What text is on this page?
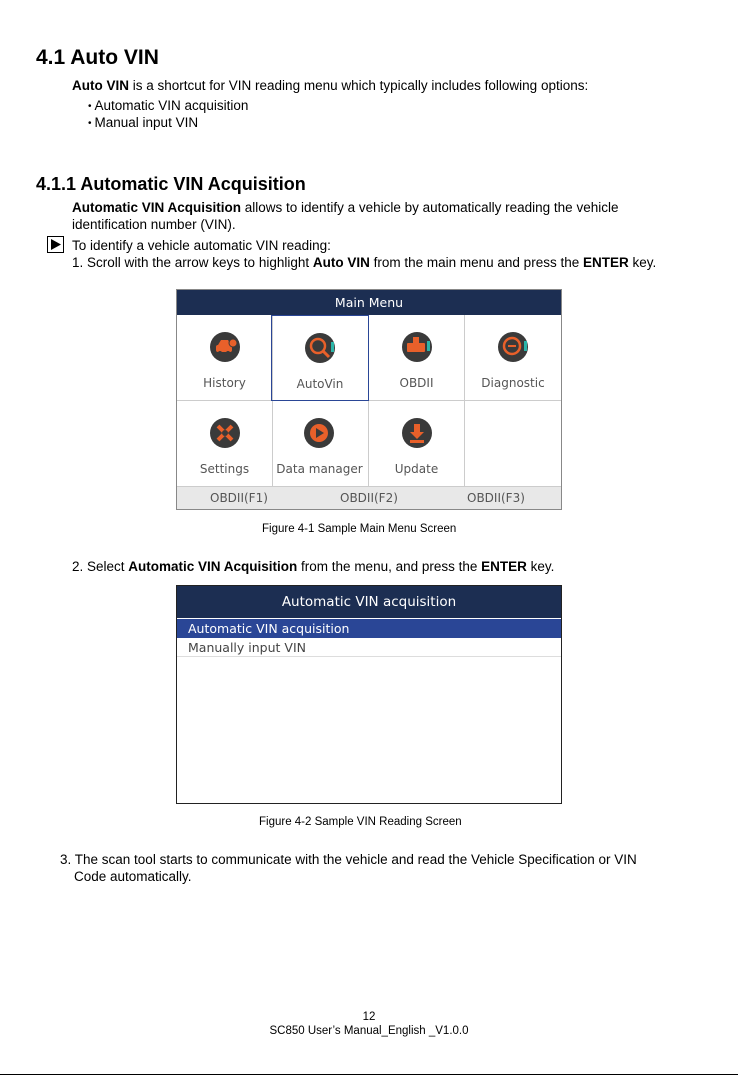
4.1 Auto VIN
Auto VIN is a shortcut for VIN reading menu which typically includes following options:
• Automatic VIN acquisition
• Manual input VIN
4.1.1 Automatic VIN Acquisition
Automatic VIN Acquisition allows to identify a vehicle by automatically reading the vehicle
identification number (VIN).
To identify a vehicle automatic VIN reading:
1. Scroll with the arrow keys to highlight Auto VIN from the main menu and press the ENTER key.
Main Menu
History	AutoVin	OBDII	Diagnostic
Settings	Data manager	Update
OBDII(F1)	OBDII(F2)	OBDII(F3)
Figure 4-1 Sample Main Menu Screen
2. Select Automatic VIN Acquisition from the menu, and press the ENTER key.
Automatic VIN acquisition
Automatic VIN acquisition
Manually input VIN
Figure 4-2 Sample VIN Reading Screen
3. The scan tool starts to communicate with the vehicle and read the Vehicle Specification or VIN
Code automatically.
12
SC850 User’s Manual_English _V1.0.0
